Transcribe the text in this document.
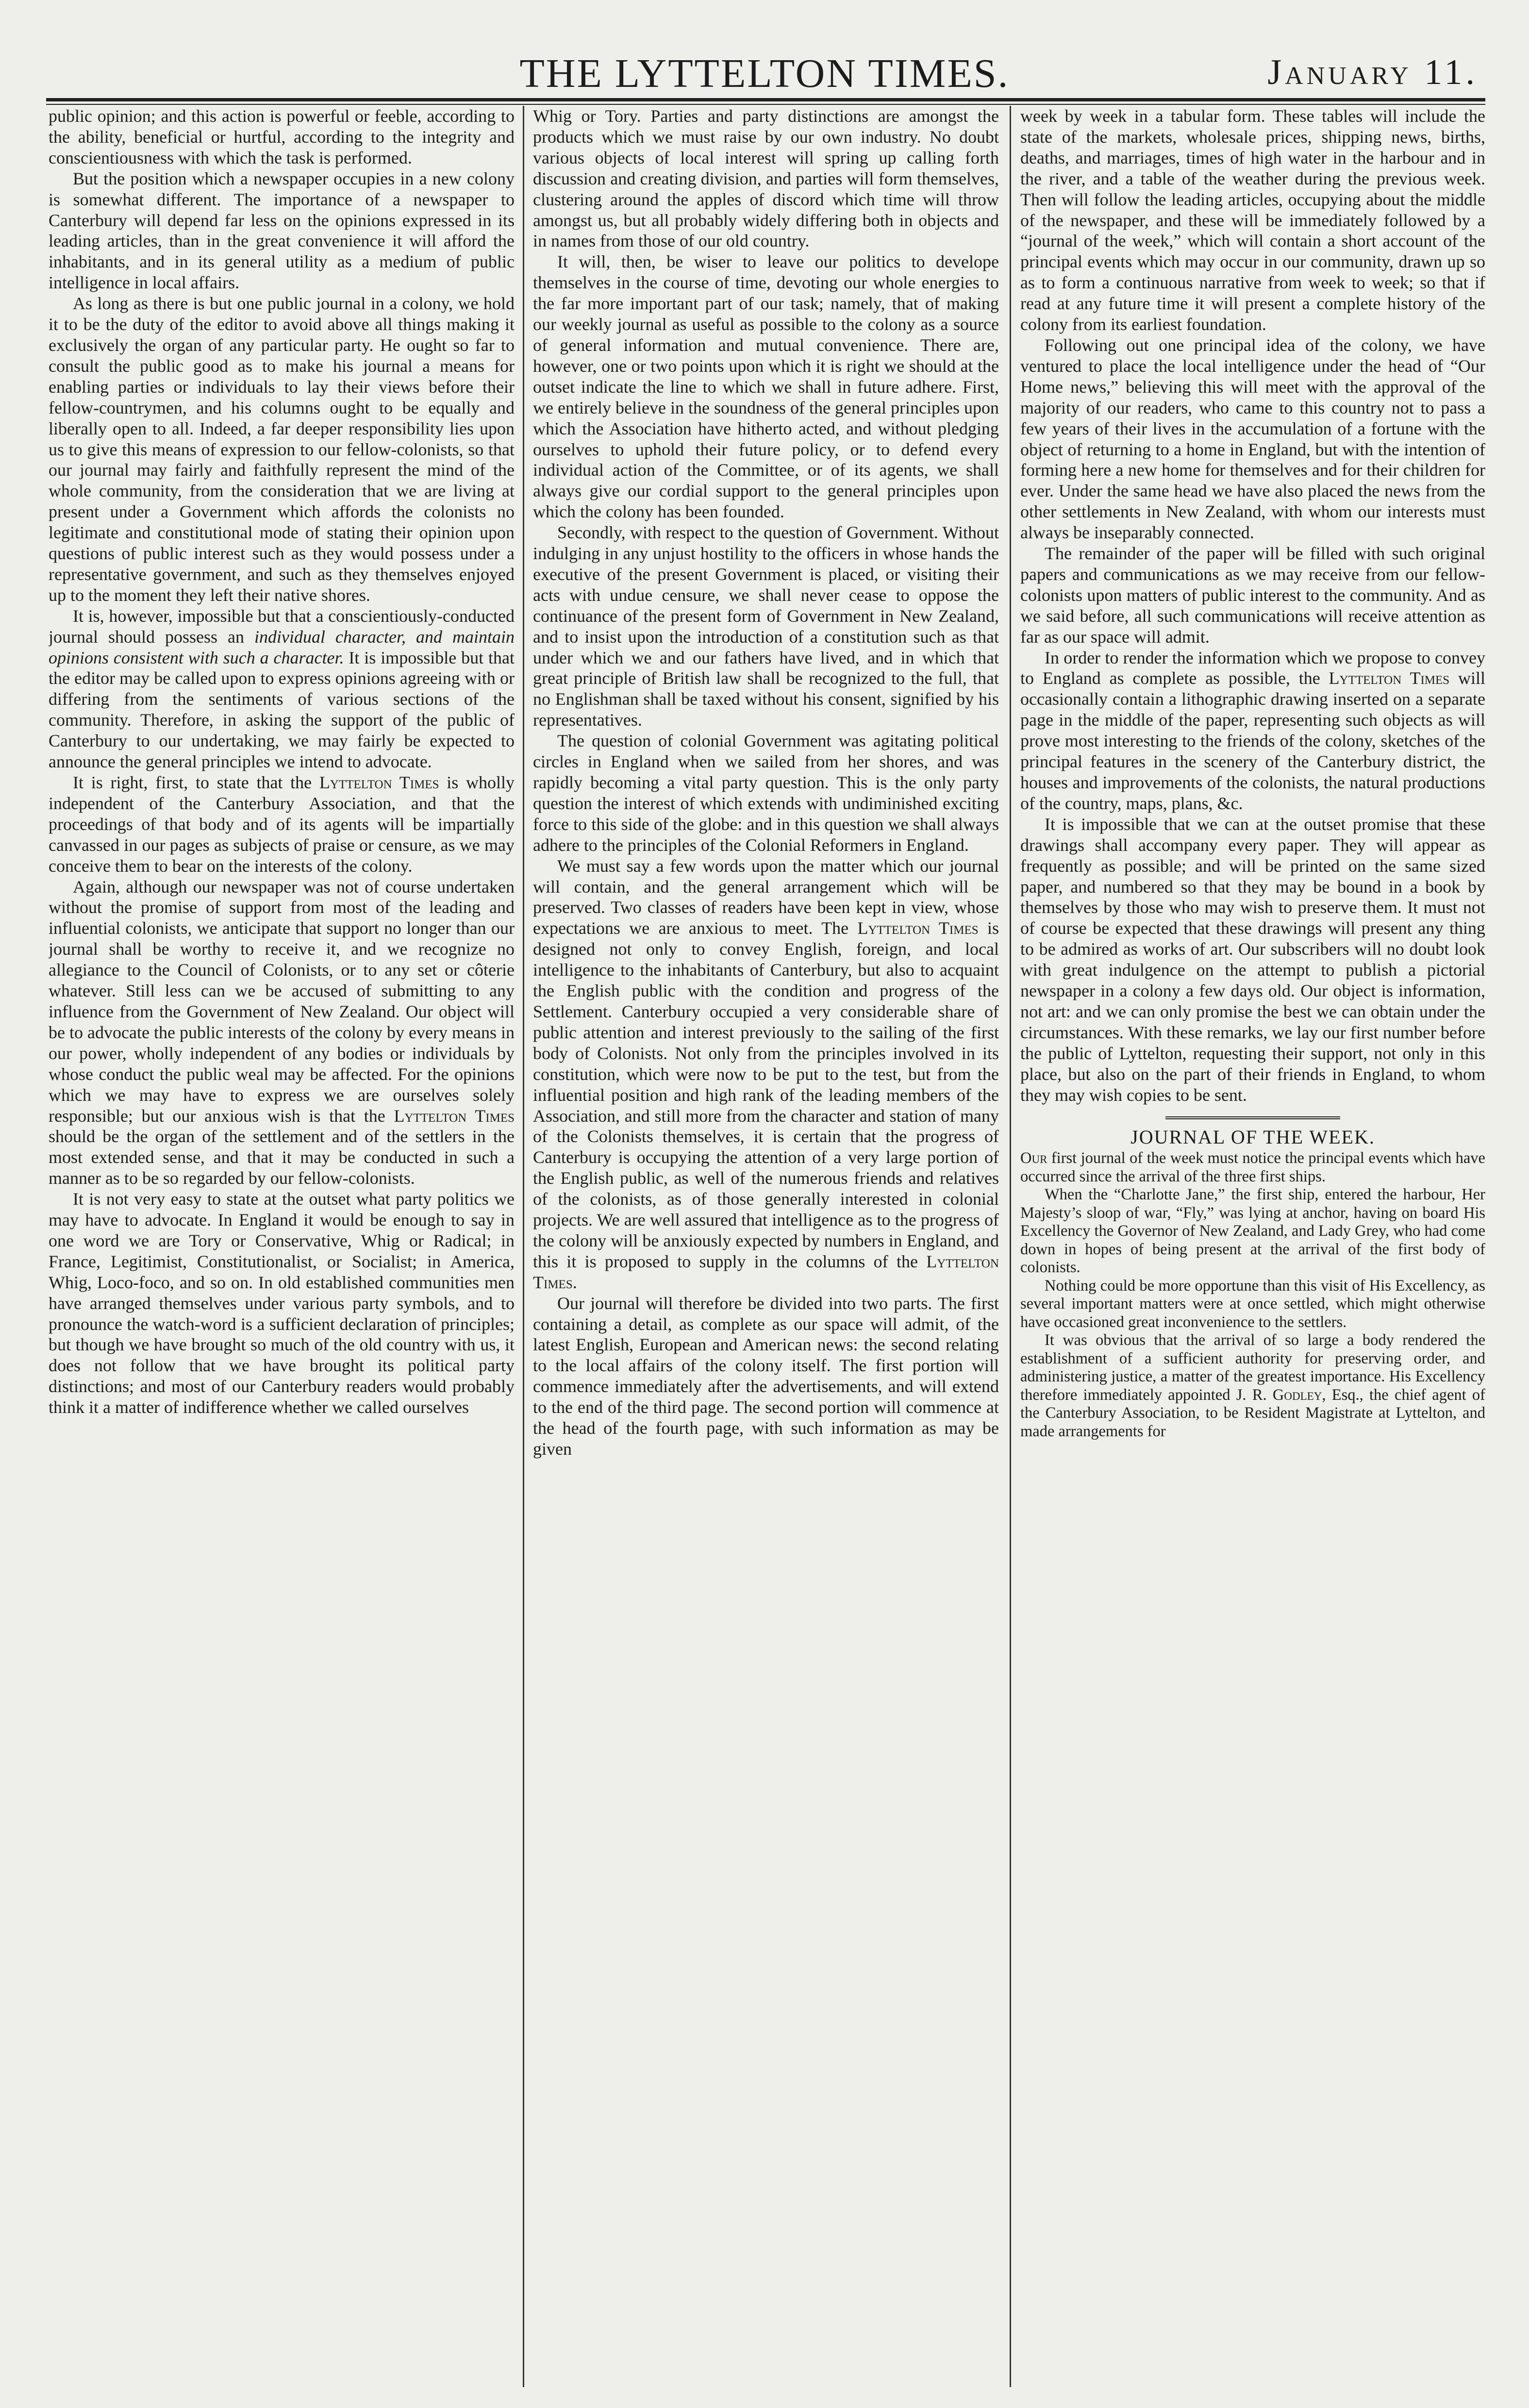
THE LYTTELTON TIMES.	January 11.

public opinion; and this action is powerful or feeble, according to the ability, beneficial or hurtful, according to the integrity and conscientiousness with which the task is performed.

But the position which a newspaper occupies in a new colony is somewhat different. The importance of a newspaper to Canterbury will depend far less on the opinions expressed in its leading articles, than in the great convenience it will afford the inhabitants, and in its general utility as a medium of public intelligence in local affairs.

As long as there is but one public journal in a colony, we hold it to be the duty of the editor to avoid above all things making it exclusively the organ of any particular party. He ought so far to consult the public good as to make his journal a means for enabling parties or individuals to lay their views before their fellow-countrymen, and his columns ought to be equally and liberally open to all. Indeed, a far deeper responsibility lies upon us to give this means of expression to our fellow-colonists, so that our journal may fairly and faithfully represent the mind of the whole community, from the consideration that we are living at present under a Government which affords the colonists no legitimate and constitutional mode of stating their opinion upon questions of public interest such as they would possess under a representative government, and such as they themselves enjoyed up to the moment they left their native shores.

It is, however, impossible but that a conscientiously-conducted journal should possess an individual character, and maintain opinions consistent with such a character. It is impossible but that the editor may be called upon to express opinions agreeing with or differing from the sentiments of various sections of the community. Therefore, in asking the support of the public of Canterbury to our undertaking, we may fairly be expected to announce the general principles we intend to advocate.

It is right, first, to state that the Lyttelton Times is wholly independent of the Canterbury Association, and that the proceedings of that body and of its agents will be impartially canvassed in our pages as subjects of praise or censure, as we may conceive them to bear on the interests of the colony.

Again, although our newspaper was not of course undertaken without the promise of support from most of the leading and influential colonists, we anticipate that support no longer than our journal shall be worthy to receive it, and we recognize no allegiance to the Council of Colonists, or to any set or côterie whatever. Still less can we be accused of submitting to any influence from the Government of New Zealand. Our object will be to advocate the public interests of the colony by every means in our power, wholly independent of any bodies or individuals by whose conduct the public weal may be affected. For the opinions which we may have to express we are ourselves solely responsible; but our anxious wish is that the Lyttelton Times should be the organ of the settlement and of the settlers in the most extended sense, and that it may be conducted in such a manner as to be so regarded by our fellow-colonists.

It is not very easy to state at the outset what party politics we may have to advocate. In England it would be enough to say in one word we are Tory or Conservative, Whig or Radical; in France, Legitimist, Constitutionalist, or Socialist; in America, Whig, Loco-foco, and so on. In old established communities men have arranged themselves under various party symbols, and to pronounce the watch-word is a sufficient declaration of principles; but though we have brought so much of the old country with us, it does not follow that we have brought its political party distinctions; and most of our Canterbury readers would probably think it a matter of indifference whether we called ourselves

Whig or Tory. Parties and party distinctions are amongst the products which we must raise by our own industry. No doubt various objects of local interest will spring up calling forth discussion and creating division, and parties will form themselves, clustering around the apples of discord which time will throw amongst us, but all probably widely differing both in objects and in names from those of our old country.

It will, then, be wiser to leave our politics to develope themselves in the course of time, devoting our whole energies to the far more important part of our task; namely, that of making our weekly journal as useful as possible to the colony as a source of general information and mutual convenience. There are, however, one or two points upon which it is right we should at the outset indicate the line to which we shall in future adhere. First, we entirely believe in the soundness of the general principles upon which the Association have hitherto acted, and without pledging ourselves to uphold their future policy, or to defend every individual action of the Committee, or of its agents, we shall always give our cordial support to the general principles upon which the colony has been founded.

Secondly, with respect to the question of Government. Without indulging in any unjust hostility to the officers in whose hands the executive of the present Government is placed, or visiting their acts with undue censure, we shall never cease to oppose the continuance of the present form of Government in New Zealand, and to insist upon the introduction of a constitution such as that under which we and our fathers have lived, and in which that great principle of British law shall be recognized to the full, that no Englishman shall be taxed without his consent, signified by his representatives.

The question of colonial Government was agitating political circles in England when we sailed from her shores, and was rapidly becoming a vital party question. This is the only party question the interest of which extends with undiminished exciting force to this side of the globe: and in this question we shall always adhere to the principles of the Colonial Reformers in England.

We must say a few words upon the matter which our journal will contain, and the general arrangement which will be preserved. Two classes of readers have been kept in view, whose expectations we are anxious to meet. The Lyttelton Times is designed not only to convey English, foreign, and local intelligence to the inhabitants of Canterbury, but also to acquaint the English public with the condition and progress of the Settlement. Canterbury occupied a very considerable share of public attention and interest previously to the sailing of the first body of Colonists. Not only from the principles involved in its constitution, which were now to be put to the test, but from the influential position and high rank of the leading members of the Association, and still more from the character and station of many of the Colonists themselves, it is certain that the progress of Canterbury is occupying the attention of a very large portion of the English public, as well of the numerous friends and relatives of the colonists, as of those generally interested in colonial projects. We are well assured that intelligence as to the progress of the colony will be anxiously expected by numbers in England, and this it is proposed to supply in the columns of the Lyttelton Times.

Our journal will therefore be divided into two parts. The first containing a detail, as complete as our space will admit, of the latest English, European and American news: the second relating to the local affairs of the colony itself. The first portion will commence immediately after the advertisements, and will extend to the end of the third page. The second portion will commence at the head of the fourth page, with such information as may be given

week by week in a tabular form. These tables will include the state of the markets, wholesale prices, shipping news, births, deaths, and marriages, times of high water in the harbour and in the river, and a table of the weather during the previous week. Then will follow the leading articles, occupying about the middle of the newspaper, and these will be immediately followed by a “journal of the week,” which will contain a short account of the principal events which may occur in our community, drawn up so as to form a continuous narrative from week to week; so that if read at any future time it will present a complete history of the colony from its earliest foundation.

Following out one principal idea of the colony, we have ventured to place the local intelligence under the head of “Our Home news,” believing this will meet with the approval of the majority of our readers, who came to this country not to pass a few years of their lives in the accumulation of a fortune with the object of returning to a home in England, but with the intention of forming here a new home for themselves and for their children for ever. Under the same head we have also placed the news from the other settlements in New Zealand, with whom our interests must always be inseparably connected.

The remainder of the paper will be filled with such original papers and communications as we may receive from our fellow-colonists upon matters of public interest to the community. And as we said before, all such communications will receive attention as far as our space will admit.

In order to render the information which we propose to convey to England as complete as possible, the Lyttelton Times will occasionally contain a lithographic drawing inserted on a separate page in the middle of the paper, representing such objects as will prove most interesting to the friends of the colony, sketches of the principal features in the scenery of the Canterbury district, the houses and improvements of the colonists, the natural productions of the country, maps, plans, &c.

It is impossible that we can at the outset promise that these drawings shall accompany every paper. They will appear as frequently as possible; and will be printed on the same sized paper, and numbered so that they may be bound in a book by themselves by those who may wish to preserve them. It must not of course be expected that these drawings will present any thing to be admired as works of art. Our subscribers will no doubt look with great indulgence on the attempt to publish a pictorial newspaper in a colony a few days old. Our object is information, not art: and we can only promise the best we can obtain under the circumstances. With these remarks, we lay our first number before the public of Lyttelton, requesting their support, not only in this place, but also on the part of their friends in England, to whom they may wish copies to be sent.

JOURNAL OF THE WEEK.

Our first journal of the week must notice the principal events which have occurred since the arrival of the three first ships.

When the “Charlotte Jane,” the first ship, entered the harbour, Her Majesty’s sloop of war, “Fly,” was lying at anchor, having on board His Excellency the Governor of New Zealand, and Lady Grey, who had come down in hopes of being present at the arrival of the first body of colonists.

Nothing could be more opportune than this visit of His Excellency, as several important matters were at once settled, which might otherwise have occasioned great inconvenience to the settlers.

It was obvious that the arrival of so large a body rendered the establishment of a sufficient authority for preserving order, and administering justice, a matter of the greatest importance. His Excellency therefore immediately appointed J. R. Godley, Esq., the chief agent of the Canterbury Association, to be Resident Magistrate at Lyttelton, and made arrangements for
